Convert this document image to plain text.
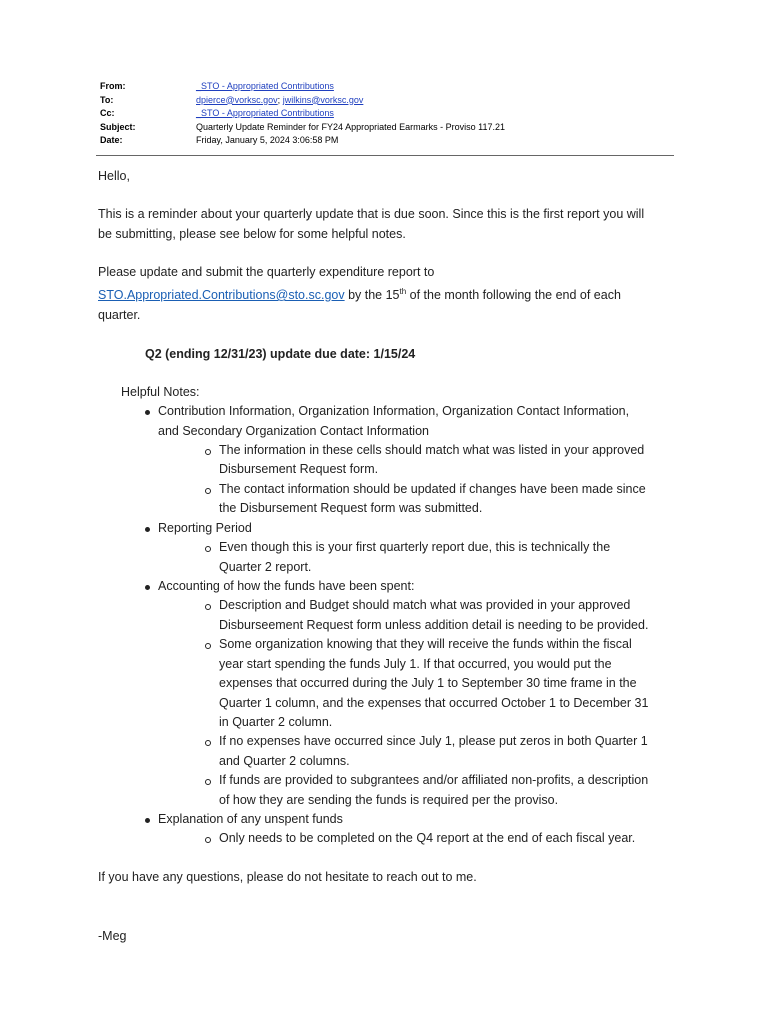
From:	_STO - Appropriated Contributions
To:	dpierce@vorksc.gov; jwilkins@vorksc.gov
Cc:	_STO - Appropriated Contributions
Subject:	Quarterly Update Reminder for FY24 Appropriated Earmarks - Proviso 117.21
Date:	Friday, January 5, 2024 3:06:58 PM
Hello,
This is a reminder about your quarterly update that is due soon. Since this is the first report you will
be submitting, please see below for some helpful notes.
Please update and submit the quarterly expenditure report to
STO.Appropriated.Contributions@sto.sc.gov by the 15th of the month following the end of each
quarter.
Q2 (ending 12/31/23) update due date: 1/15/24
Helpful Notes:
Contribution Information, Organization Information, Organization Contact Information,
and Secondary Organization Contact Information
The information in these cells should match what was listed in your approved
Disbursement Request form.
The contact information should be updated if changes have been made since
the Disbursement Request form was submitted.
Reporting Period
Even though this is your first quarterly report due, this is technically the
Quarter 2 report.
Accounting of how the funds have been spent:
Description and Budget should match what was provided in your approved
Disburseement Request form unless addition detail is needing to be provided.
Some organization knowing that they will receive the funds within the fiscal
year start spending the funds July 1. If that occurred, you would put the
expenses that occurred during the July 1 to September 30 time frame in the
Quarter 1 column, and the expenses that occurred October 1 to December 31
in Quarter 2 column.
If no expenses have occurred since July 1, please put zeros in both Quarter 1
and Quarter 2 columns.
If funds are provided to subgrantees and/or affiliated non-profits, a description
of how they are sending the funds is required per the proviso.
Explanation of any unspent funds
Only needs to be completed on the Q4 report at the end of each fiscal year.
If you have any questions, please do not hesitate to reach out to me.
-Meg
